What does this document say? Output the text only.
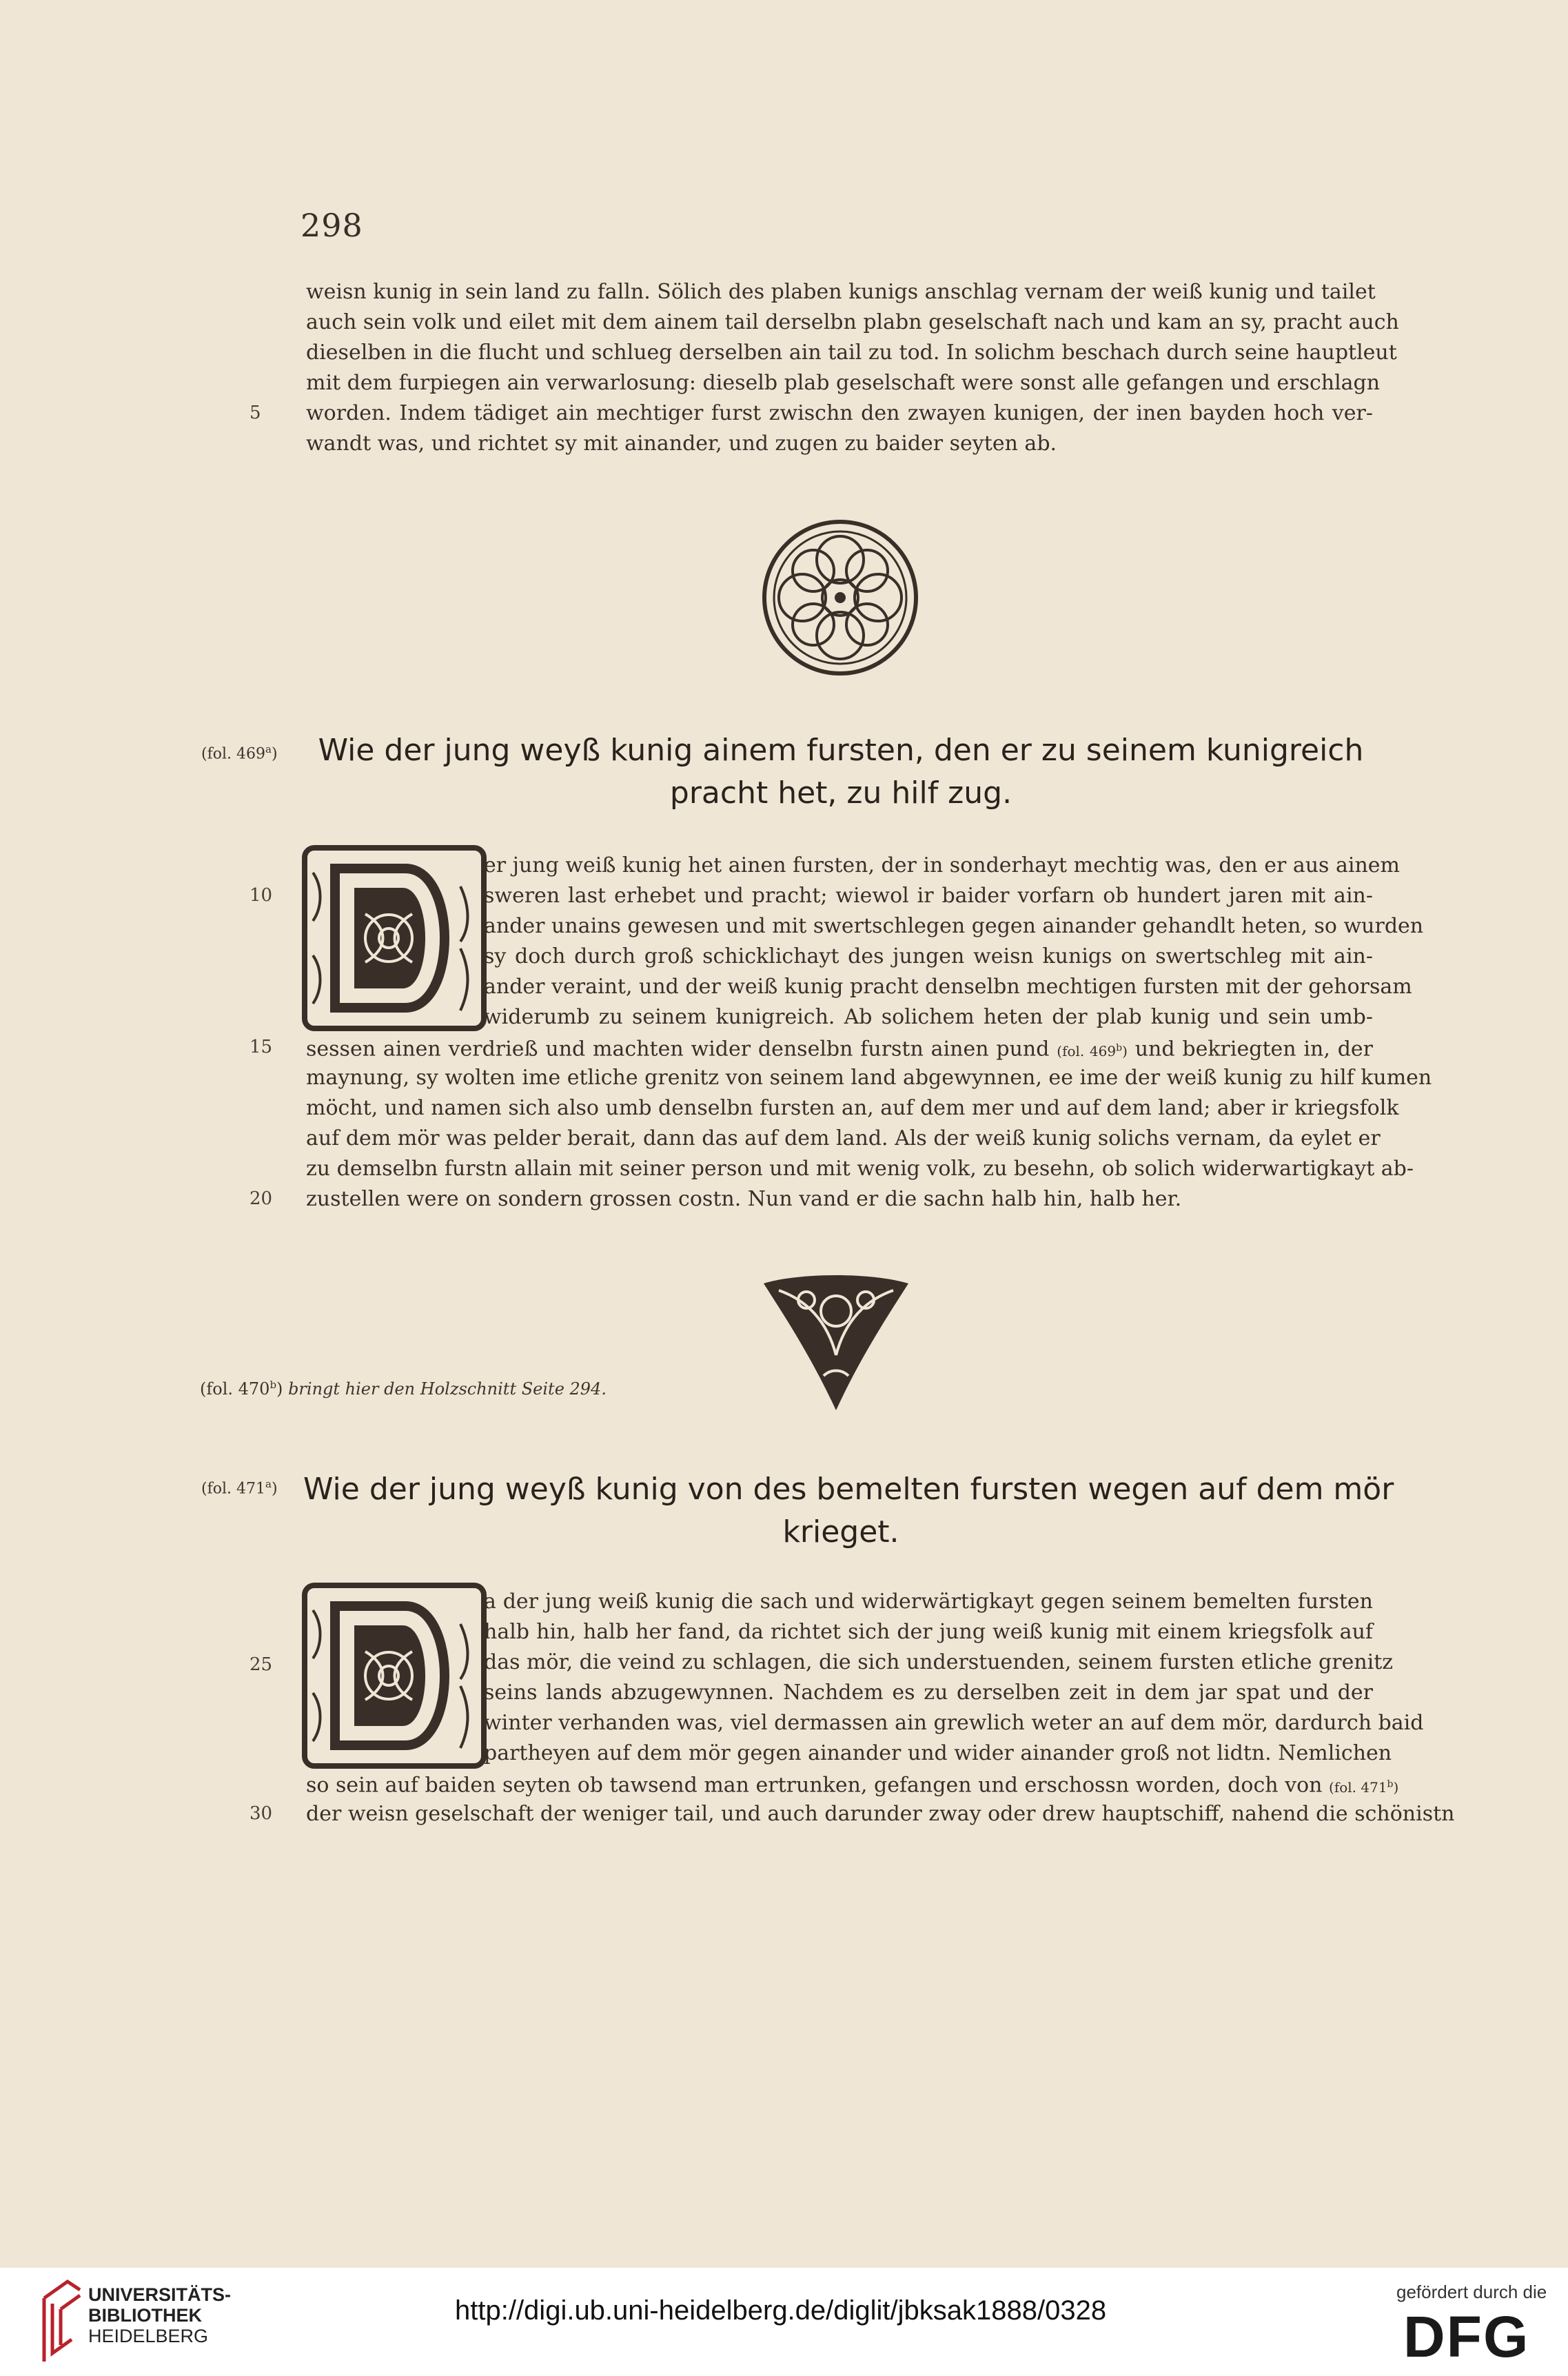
298
weisn kunig in sein land zu falln. Sölich des plaben kunigs anschlag vernam der weiß kunig und tailet
auch sein volk und eilet mit dem ainem tail derselbn plabn geselschaft nach und kam an sy, pracht auch
dieselben in die flucht und schlueg derselben ain tail zu tod. In solichm beschach durch seine hauptleut
mit dem furpiegen ain verwarlosung: dieselb plab geselschaft were sonst alle gefangen und erschlagn
worden. Indem tädiget ain mechtiger furst zwischn den zwayen kunigen, der inen bayden hoch ver-
5
wandt was, und richtet sy mit ainander, und zugen zu baider seyten ab.
(fol. 469$^a$)	Wie der jung weyß kunig ainem fursten, den er zu seinem kunigreich
pracht het, zu hilf zug.
D
er jung weiß kunig het ainen fursten, der in sonderhayt mechtig was, den er aus ainem
sweren last erhebet und pracht; wiewol ir baider vorfarn ob hundert jaren mit ain-
10
ander unains gewesen und mit swertschlegen gegen ainander gehandlt heten, so wurden
sy doch durch groß schicklichayt des jungen weisn kunigs on swertschleg mit ain-
ander veraint, und der weiß kunig pracht denselbn mechtigen fursten mit der gehorsam
widerumb zu seinem kunigreich. Ab solichem heten der plab kunig und sein umb-
sessen ainen verdrieß und machten wider denselbn furstn ainen pund (fol. 469$^b$) und bekriegten in, der
15
maynung, sy wolten ime etliche grenitz von seinem land abgewynnen, ee ime der weiß kunig zu hilf kumen
möcht, und namen sich also umb denselbn fursten an, auf dem mer und auf dem land; aber ir kriegsfolk
auf dem mör was pelder berait, dann das auf dem land. Als der weiß kunig solichs vernam, da eylet er
zu demselbn furstn allain mit seiner person und mit wenig volk, zu besehn, ob solich widerwartigkayt ab-
zustellen were on sondern grossen costn. Nun vand er die sachn halb hin, halb her.
20
(fol. 470$^b$) bringt hier den Holzschnitt Seite 294.
(fol. 471$^a$) Wie der jung weyß kunig von des bemelten fursten wegen auf dem mör
krieget.
D
a der jung weiß kunig die sach und widerwärtigkayt gegen seinem bemelten fursten
halb hin, halb her fand, da richtet sich der jung weiß kunig mit einem kriegsfolk auf
das mör, die veind zu schlagen, die sich understuenden, seinem fursten etliche grenitz
25
seins lands abzugewynnen. Nachdem es zu derselben zeit in dem jar spat und der
winter verhanden was, viel dermassen ain grewlich weter an auf dem mör, dardurch baid
partheyen auf dem mör gegen ainander und wider ainander groß not lidtn. Nemlichen
so sein auf baiden seyten ob tawsend man ertrunken, gefangen und erschossn worden, doch von (fol. 471$^b$)
der weisn geselschaft der weniger tail, und auch darunder zway oder drew hauptschiff, nahend die schönistn
30
UNIVERSITÄTS-
BIBLIOTHEK
HEIDELBERG
http://digi.ub.uni-heidelberg.de/diglit/jbksak1888/0328
gefördert durch die
DFG
